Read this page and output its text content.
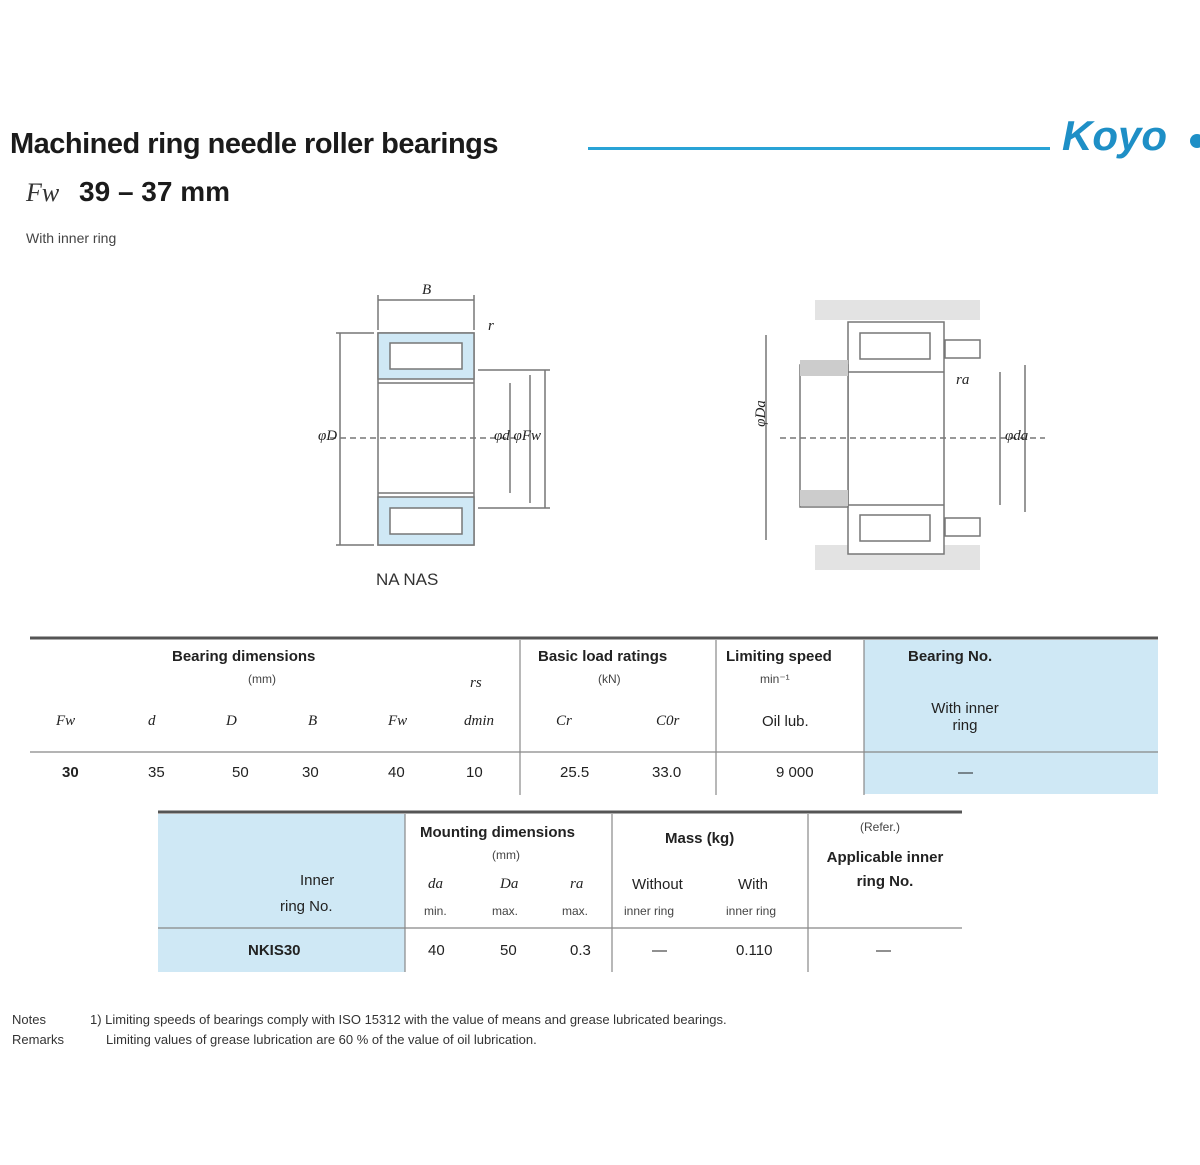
Machined ring needle roller bearings	Koyo
Fw 39 – 37 mm
With inner ring
B
r
φD	φd φFw
ra
φda
φDa
NA NAS
Bearing dimensions
(mm)	rs
Basic load ratings
(kN)
Limiting speed
min⁻¹
Bearing No.
With inner ring
Fw	d	D	B	Fw	dmin	Cr	C0r	Oil lub.
30	35	50	30	40	10	25.5	33.0	9 000	—
Inner
ring No.
Mounting dimensions
(mm)
da	Da	ra
min.	max.	max.
Mass (kg)
Without	With
inner ring	inner ring
(Refer.)
Applicable inner ring No.
NKIS30	40	50	0.3	—	0.110	—
Notes	1) Limiting speeds of bearings comply with ISO 15312 with the value of means and grease lubricated bearings.
Remarks	Limiting values of grease lubrication are 60 % of the value of oil lubrication.
